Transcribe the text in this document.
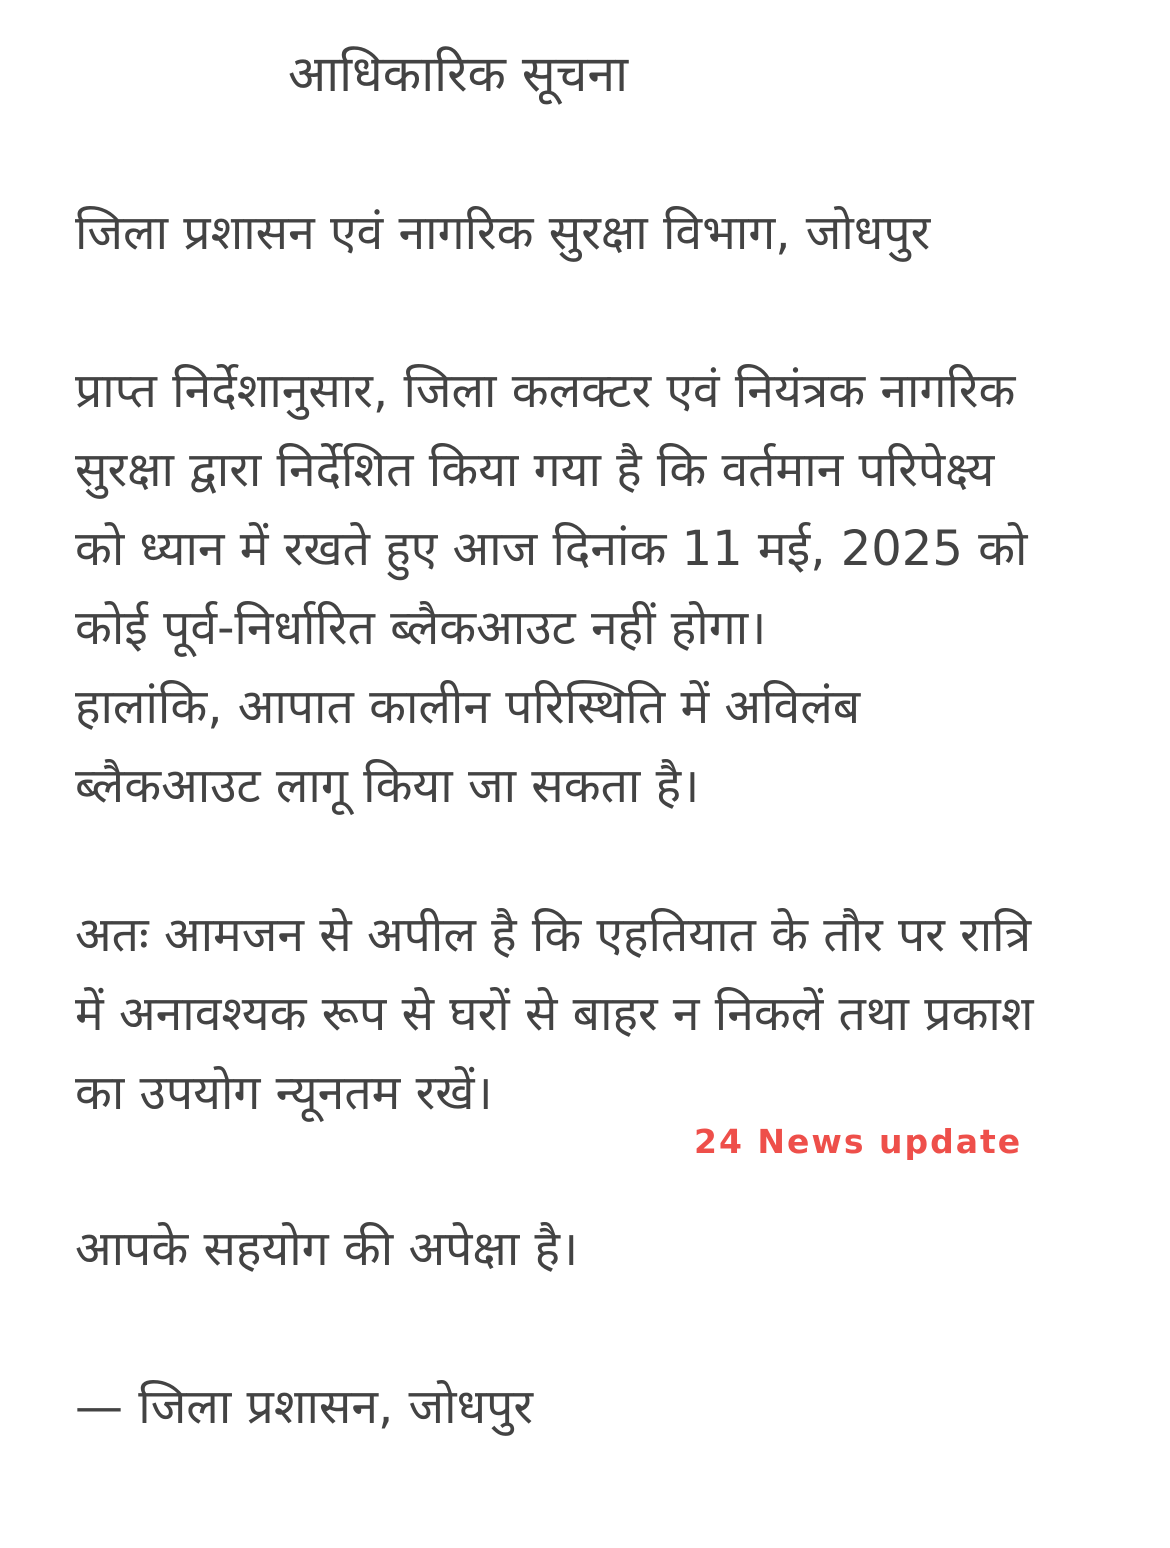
आधिकारिक सूचना
जिला प्रशासन एवं नागरिक सुरक्षा विभाग, जोधपुर
प्राप्त निर्देशानुसार, जिला कलक्टर एवं नियंत्रक नागरिक
सुरक्षा द्वारा निर्देशित किया गया है कि वर्तमान परिपेक्ष्य
को ध्यान में रखते हुए आज दिनांक 11 मई, 2025 को
कोई पूर्व-निर्धारित ब्लैकआउट नहीं होगा।
हालांकि, आपात कालीन परिस्थिति में अविलंब
ब्लैकआउट लागू किया जा सकता है।
अतः आमजन से अपील है कि एहतियात के तौर पर रात्रि
में अनावश्यक रूप से घरों से बाहर न निकलें तथा प्रकाश
का उपयोग न्यूनतम रखें।
24 News update
आपके सहयोग की अपेक्षा है।
— जिला प्रशासन, जोधपुर
